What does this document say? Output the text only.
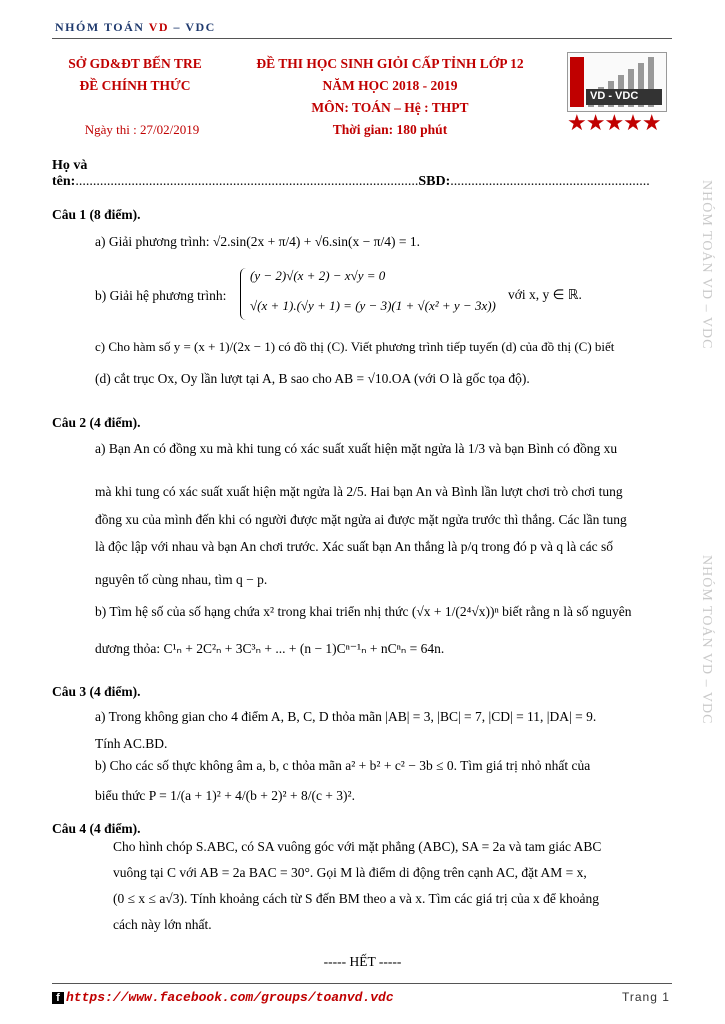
NHÓM TOÁN VD – VDC
SỞ GD&ĐT BẾN TRE
ĐỀ CHÍNH THỨC
Ngày thi : 27/02/2019
ĐỀ THI HỌC SINH GIỎI CẤP TỈNH LỚP 12
NĂM HỌC 2018 - 2019
MÔN: TOÁN – Hệ : THPT
Thời gian: 180 phút
VD - VDC
★★★★★
Họ và tên:..................................................................................................SBD:.........................................................	NHÓM TOÁN VD – VDC
NHÓM TOÁN VD – VDC
Câu 1 (8 điểm).
a) Giải phương trình: √2.sin(2x + π/4) + √6.sin(x − π/4) = 1.
b) Giải hệ phương trình:
(y − 2)√(x + 2) − x√y = 0
√(x + 1).(√y + 1) = (y − 3)(1 + √(x² + y − 3x))
với x, y ∈ ℝ.
c) Cho hàm số y = (x + 1)/(2x − 1) có đồ thị (C). Viết phương trình tiếp tuyến (d) của đồ thị (C) biết
(d) cắt trục Ox, Oy lần lượt tại A, B sao cho AB = √10.OA (với O là gốc tọa độ).
Câu 2 (4 điểm).
a) Bạn An có đồng xu mà khi tung có xác suất xuất hiện mặt ngửa là 1/3 và bạn Bình có đồng xu
mà khi tung có xác suất xuất hiện mặt ngửa là 2/5. Hai bạn An và Bình lần lượt chơi trò chơi tung
đồng xu của mình đến khi có người được mặt ngửa ai được mặt ngửa trước thì thắng. Các lần tung
là độc lập với nhau và bạn An chơi trước. Xác suất bạn An thắng là p/q trong đó p và q là các số
nguyên tố cùng nhau, tìm q − p.
b) Tìm hệ số của số hạng chứa x² trong khai triển nhị thức (√x + 1/(2⁴√x))ⁿ biết rằng n là số nguyên
dương thỏa: C¹ₙ + 2C²ₙ + 3C³ₙ + ... + (n − 1)Cⁿ⁻¹ₙ + nCⁿₙ = 64n.
Câu 3 (4 điểm).
a) Trong không gian cho 4 điểm A, B, C, D thỏa mãn |AB| = 3, |BC| = 7, |CD| = 11, |DA| = 9.
Tính AC.BD.
b) Cho các số thực không âm a, b, c thỏa mãn a² + b² + c² − 3b ≤ 0. Tìm giá trị nhỏ nhất của
biểu thức P = 1/(a + 1)² + 4/(b + 2)² + 8/(c + 3)².
Câu 4 (4 điểm).
Cho hình chóp S.ABC, có SA vuông góc với mặt phẳng (ABC), SA = 2a và tam giác ABC
vuông tại C với AB = 2a BAC = 30°. Gọi M là điểm di động trên cạnh AC, đặt AM = x,
(0 ≤ x ≤ a√3). Tính khoảng cách từ S đến BM theo a và x. Tìm các giá trị của x để khoảng
cách này lớn nhất.
----- HẾT -----
f https://www.facebook.com/groups/toanvd.vdc	Trang 1
